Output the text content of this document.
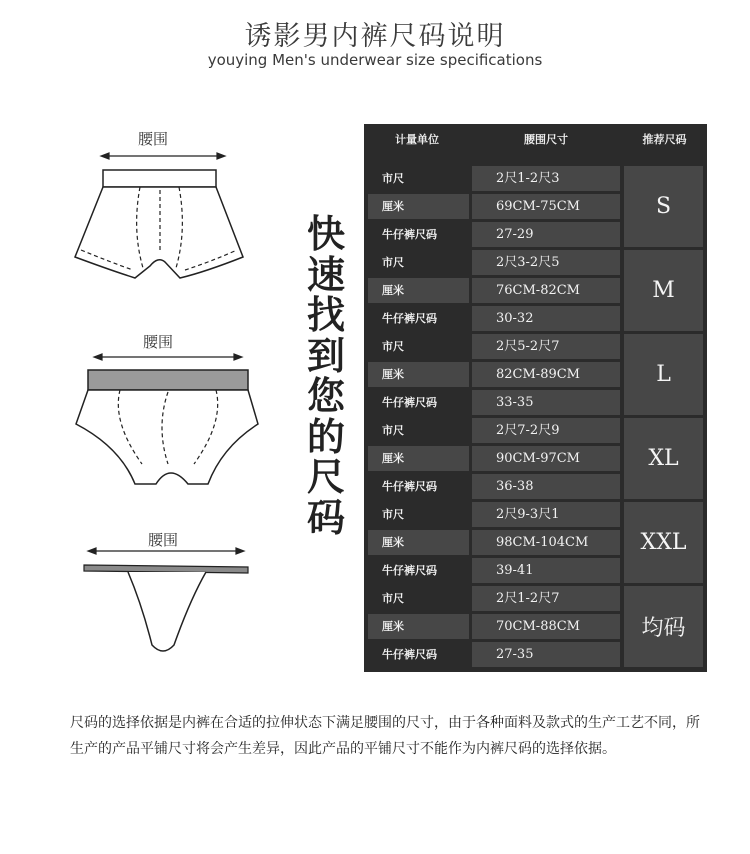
诱影男内裤尺码说明
youying Men's underwear size specifications
腰围
腰围
腰围
快
速
找
到
您
的
尺
码
计量单位	腰围尺寸	推荐尺码
市尺	2尺1-2尺3
厘米	69CM-75CM
牛仔裤尺码	27-29
S
市尺	2尺3-2尺5
厘米	76CM-82CM
牛仔裤尺码	30-32
M
市尺	2尺5-2尺7
厘米	82CM-89CM
牛仔裤尺码	33-35
L
市尺	2尺7-2尺9
厘米	90CM-97CM
牛仔裤尺码	36-38
XL
市尺	2尺9-3尺1
厘米	98CM-104CM
牛仔裤尺码	39-41
XXL
市尺	2尺1-2尺7
厘米	70CM-88CM
牛仔裤尺码	27-35
均码
尺码的选择依据是内裤在合适的拉伸状态下满足腰围的尺寸，由于各种面料及款式的生产工艺不同，所生产的产品平铺尺寸将会产生差异，因此产品的平铺尺寸不能作为内裤尺码的选择依据。
